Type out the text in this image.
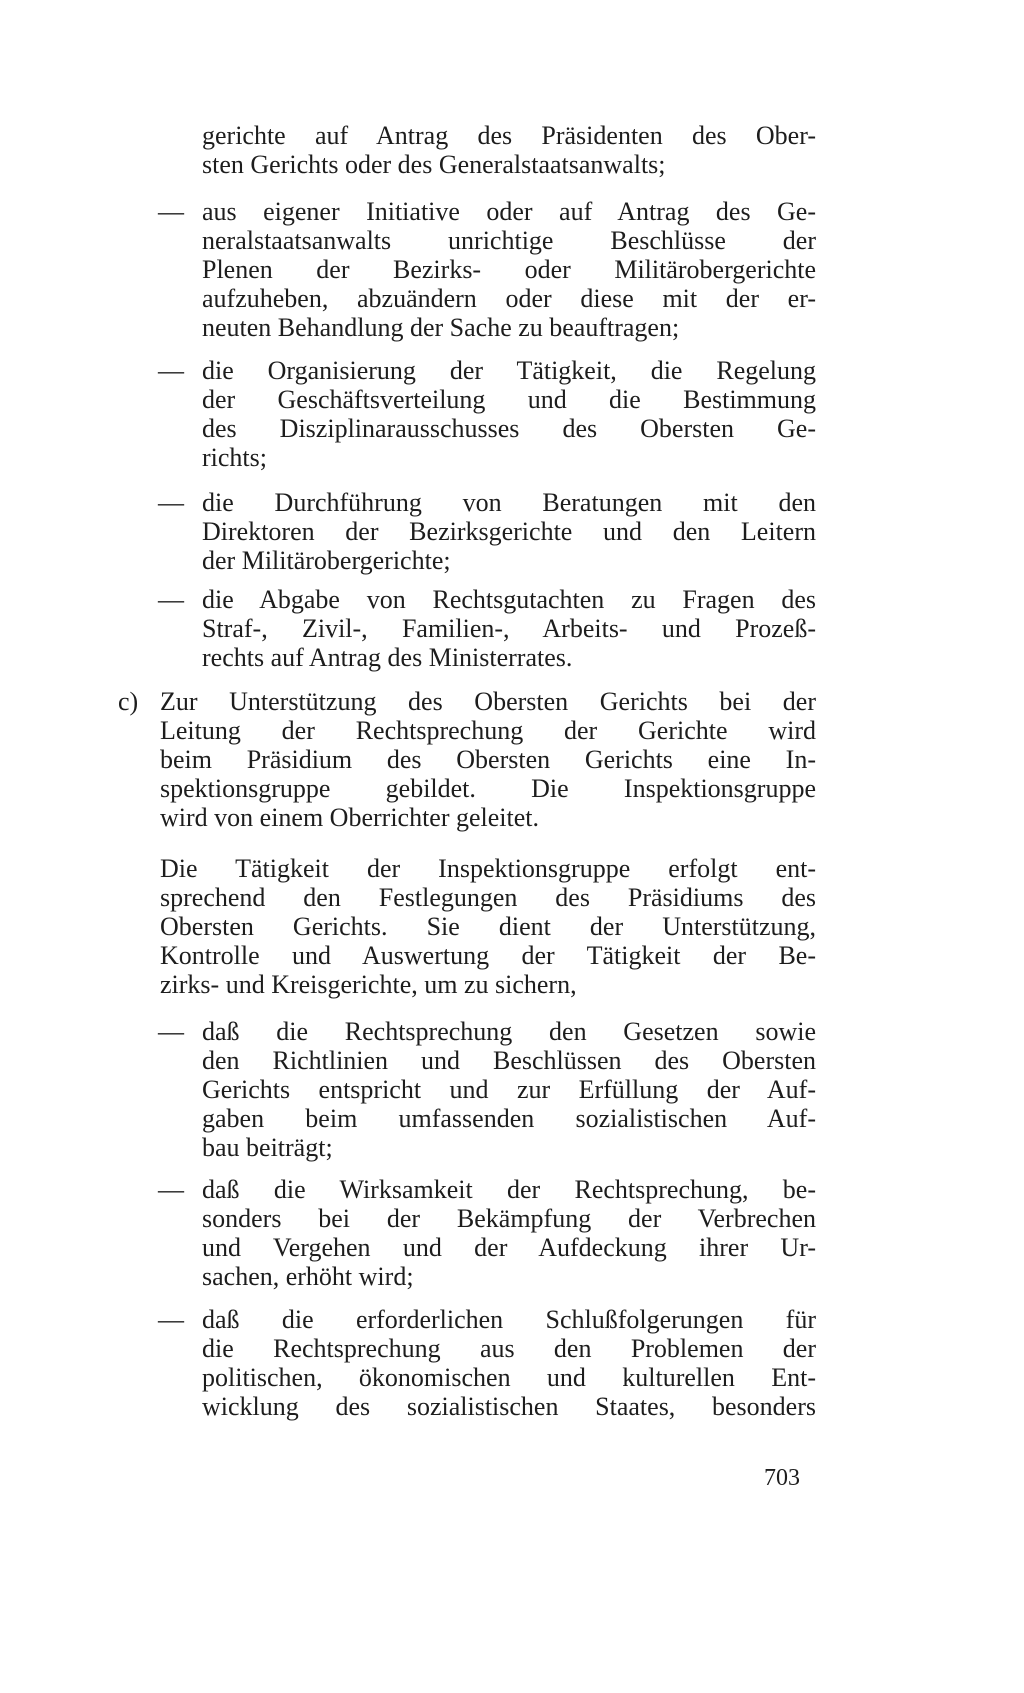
gerichte auf Antrag des Präsidenten des Ober-
sten Gerichts oder des Generalstaatsanwalts;
— aus eigener Initiative oder auf Antrag des Ge-
neralstaatsanwalts unrichtige Beschlüsse der
Plenen der Bezirks- oder Militärobergerichte
aufzuheben, abzuändern oder diese mit der er-
neuten Behandlung der Sache zu beauftragen;
— die Organisierung der Tätigkeit, die Regelung
der Geschäftsverteilung und die Bestimmung
des Disziplinarausschusses des Obersten Ge-
richts;
— die Durchführung von Beratungen mit den
Direktoren der Bezirksgerichte und den Leitern
der Militärobergerichte;
— die Abgabe von Rechtsgutachten zu Fragen des
Straf-, Zivil-, Familien-, Arbeits- und Prozeß-
rechts auf Antrag des Ministerrates.
c) Zur Unterstützung des Obersten Gerichts bei der
Leitung der Rechtsprechung der Gerichte wird
beim Präsidium des Obersten Gerichts eine In-
spektionsgruppe gebildet. Die Inspektionsgruppe
wird von einem Oberrichter geleitet.
Die Tätigkeit der Inspektionsgruppe erfolgt ent-
sprechend den Festlegungen des Präsidiums des
Obersten Gerichts. Sie dient der Unterstützung,
Kontrolle und Auswertung der Tätigkeit der Be-
zirks- und Kreisgerichte, um zu sichern,
— daß die Rechtsprechung den Gesetzen sowie
den Richtlinien und Beschlüssen des Obersten
Gerichts entspricht und zur Erfüllung der Auf-
gaben beim umfassenden sozialistischen Auf-
bau beiträgt;
— daß die Wirksamkeit der Rechtsprechung, be-
sonders bei der Bekämpfung der Verbrechen
und Vergehen und der Aufdeckung ihrer Ur-
sachen, erhöht wird;
— daß die erforderlichen Schlußfolgerungen für
die Rechtsprechung aus den Problemen der
politischen, ökonomischen und kulturellen Ent-
wicklung des sozialistischen Staates, besonders
703
